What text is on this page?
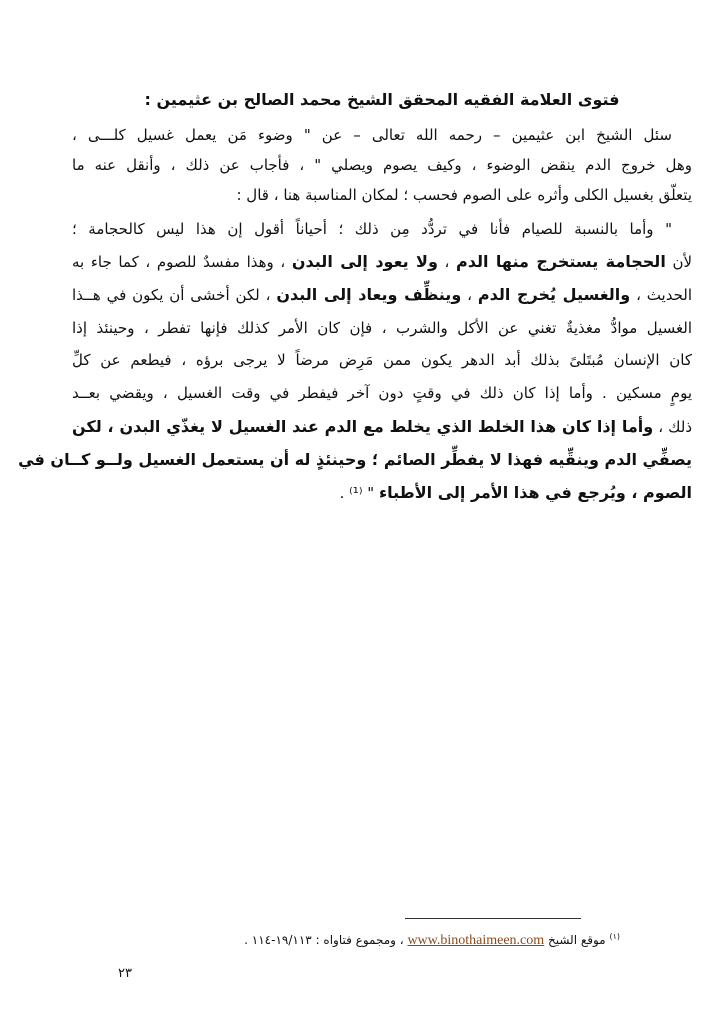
فتوى العلامة الفقيه المحقق الشيخ محمد الصالح بن عثيمين :
سئل الشيخ ابن عثيمين – رحمه الله تعالى – عن " وضوء مَن يعمل غسيل كلـــى ،
وهل خروج الدم ينقض الوضوء ، وكيف يصوم ويصلي " ، فأجاب عن ذلك ، وأنقل عنه ما
يتعلّق بغسيل الكلى وأثره على الصوم فحسب ؛ لمكان المناسبة هنا ، قال :
" وأما بالنسبة للصيام فأنا في تردُّد مِن ذلك ؛ أحياناً أقول إن هذا ليس كالحجامة ؛
لأن الحجامة يستخرج منها الدم ، ولا يعود إلى البدن ، وهذا مفسدٌ للصوم ، كما جاء به
الحديث ، والغسيل يُخرج الدم ، وينظِّف ويعاد إلى البدن ، لكن أخشى أن يكون في هــذا
الغسيل موادُّ مغذيةٌ تغني عن الأكل والشرب ، فإن كان الأمر كذلك فإنها تفطر ، وحينئذ إذا
كان الإنسان مُبتَلىً بذلك أبد الدهر يكون ممن مَرِض مرضاً لا يرجى برؤه ، فيطعم عن كلِّ
يومٍ مسكين . وأما إذا كان ذلك في وقتٍ دون آخر فيفطر في وقت الغسيل ، ويقضي بعــد
ذلك ، وأما إذا كان هذا الخلط الذي يخلط مع الدم عند الغسيل لا يغذّي البدن ، لكن
يصفِّي الدم وينقِّيه فهذا لا يفطِّر الصائم ؛ وحينئذٍ له أن يستعمل الغسيل ولــو كــان في
الصوم ، ويُرجع في هذا الأمر إلى الأطباء " ⁽¹⁾ .
$^{(١)}$ موقع الشيخ www.binothaimeen.com ، ومجموع فتاواه : ١٩/١١٣-١١٤ .
٢٣
